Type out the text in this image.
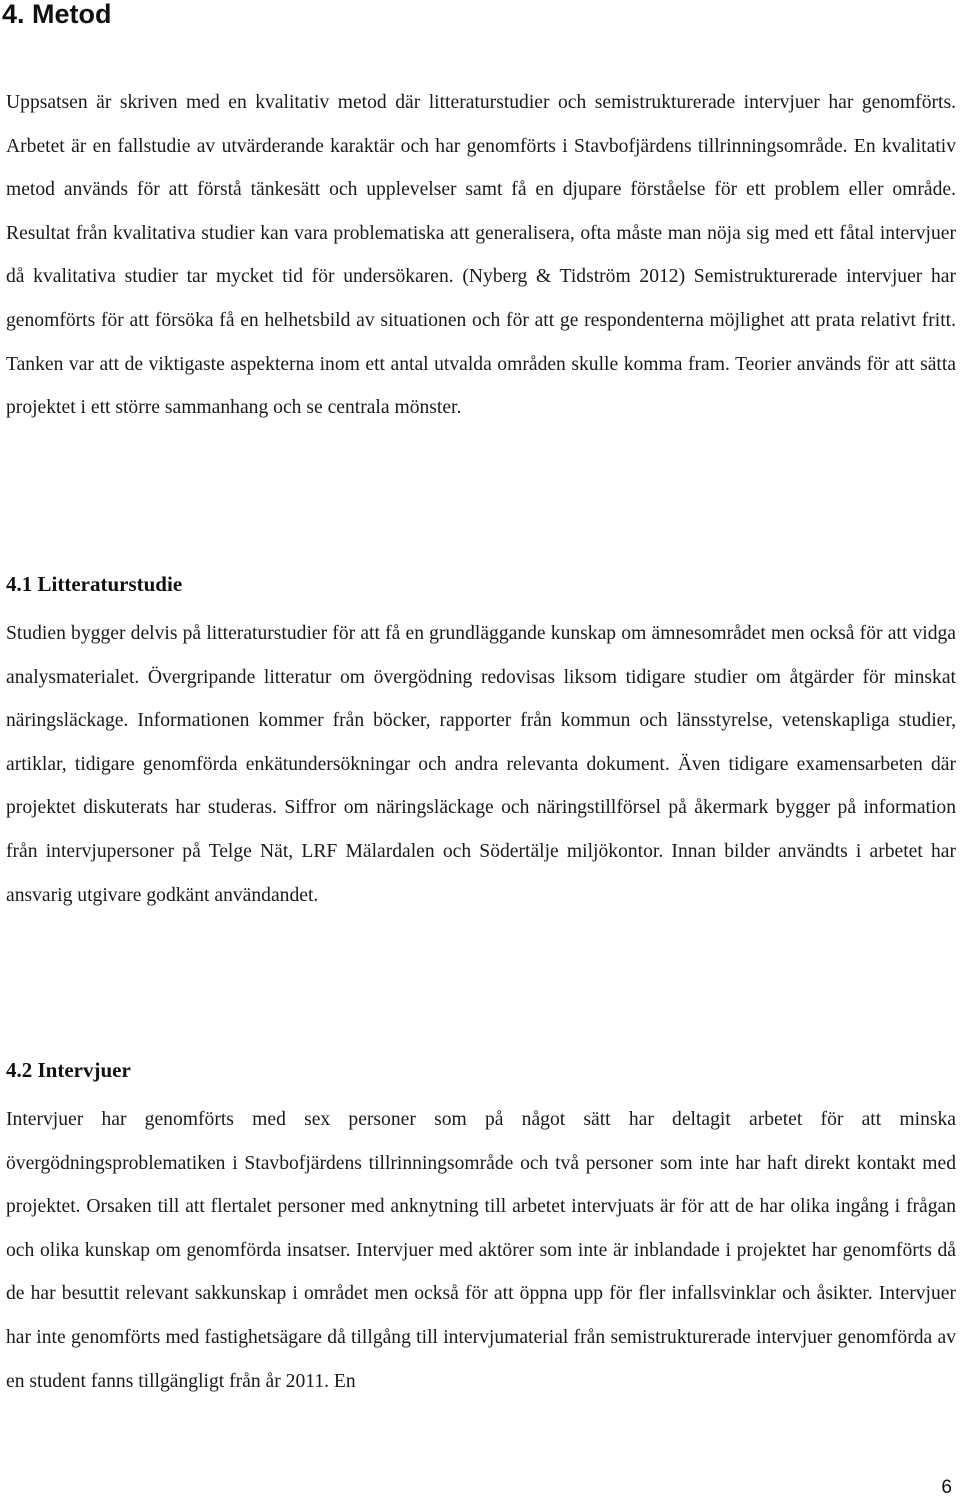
4. Metod

Uppsatsen är skriven med en kvalitativ metod där litteraturstudier och semistrukturerade intervjuer har genomförts. Arbetet är en fallstudie av utvärderande karaktär och har genomförts i Stavbofjärdens tillrinningsområde. En kvalitativ metod används för att förstå tänkesätt och upplevelser samt få en djupare förståelse för ett problem eller område. Resultat från kvalitativa studier kan vara problematiska att generalisera, ofta måste man nöja sig med ett fåtal intervjuer då kvalitativa studier tar mycket tid för undersökaren. (Nyberg & Tidström 2012) Semistrukturerade intervjuer har genomförts för att försöka få en helhetsbild av situationen och för att ge respondenterna möjlighet att prata relativt fritt. Tanken var att de viktigaste aspekterna inom ett antal utvalda områden skulle komma fram. Teorier används för att sätta projektet i ett större sammanhang och se centrala mönster.

4.1 Litteraturstudie

Studien bygger delvis på litteraturstudier för att få en grundläggande kunskap om ämnesområdet men också för att vidga analysmaterialet. Övergripande litteratur om övergödning redovisas liksom tidigare studier om åtgärder för minskat näringsläckage. Informationen kommer från böcker, rapporter från kommun och länsstyrelse, vetenskapliga studier, artiklar, tidigare genomförda enkätundersökningar och andra relevanta dokument. Även tidigare examensarbeten där projektet diskuterats har studeras. Siffror om näringsläckage och näringstillförsel på åkermark bygger på information från intervjupersoner på Telge Nät, LRF Mälardalen och Södertälje miljökontor. Innan bilder användts i arbetet har ansvarig utgivare godkänt användandet.

4.2 Intervjuer

Intervjuer har genomförts med sex personer som på något sätt har deltagit arbetet för att minska övergödningsproblematiken i Stavbofjärdens tillrinningsområde och två personer som inte har haft direkt kontakt med projektet. Orsaken till att flertalet personer med anknytning till arbetet intervjuats är för att de har olika ingång i frågan och olika kunskap om genomförda insatser. Intervjuer med aktörer som inte är inblandade i projektet har genomförts då de har besuttit relevant sakkunskap i området men också för att öppna upp för fler infallsvinklar och åsikter. Intervjuer har inte genomförts med fastighetsägare då tillgång till intervjumaterial från semistrukturerade intervjuer genomförda av en student fanns tillgängligt från år 2011. En

6
